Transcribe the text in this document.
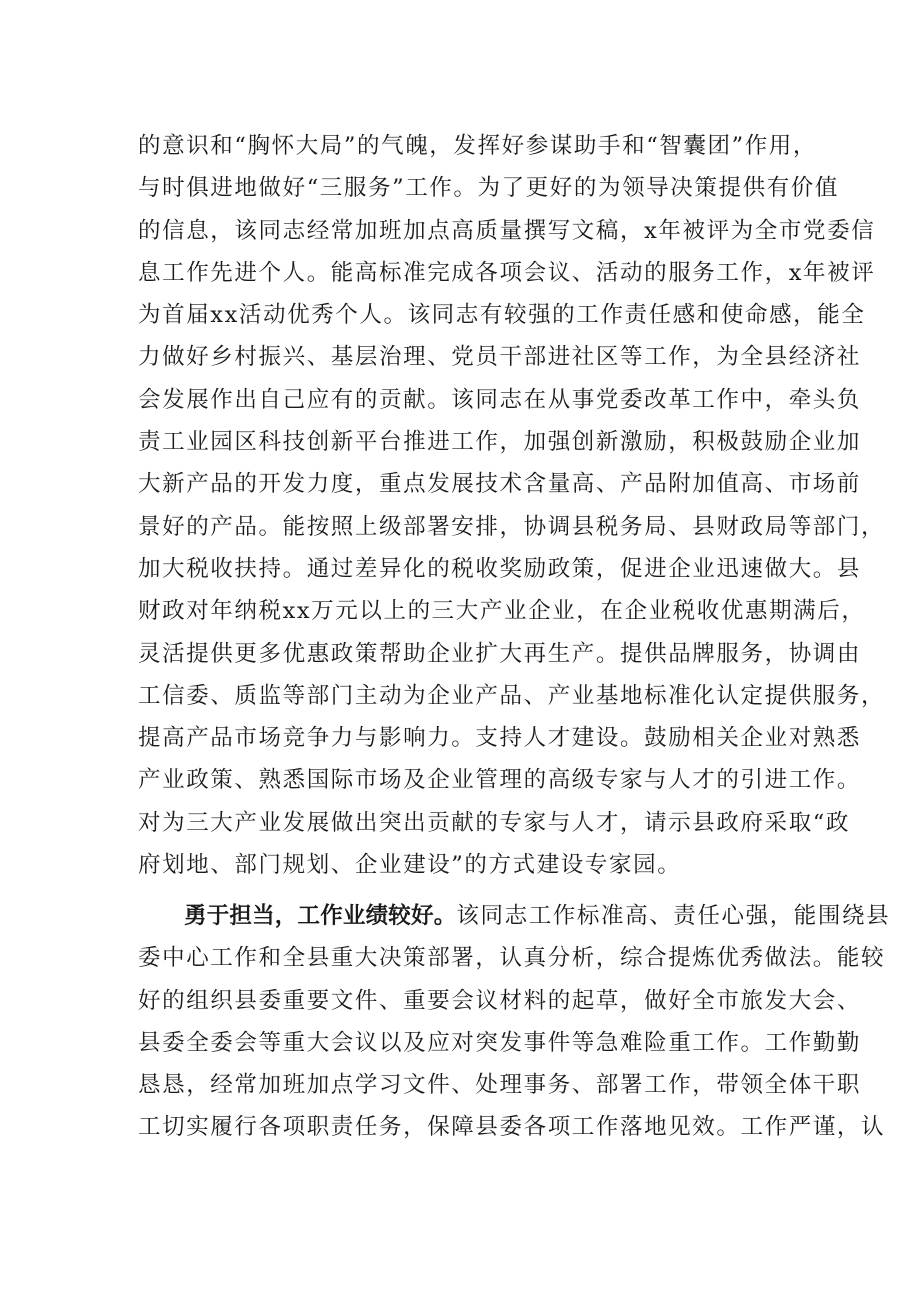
的意识和“胸怀大局”的气魄，发挥好参谋助手和“智囊团”作用，
与时俱进地做好“三服务”工作。为了更好的为领导决策提供有价值
的信息，该同志经常加班加点高质量撰写文稿，x年被评为全市党委信
息工作先进个人。能高标准完成各项会议、活动的服务工作，x年被评
为首届xx活动优秀个人。该同志有较强的工作责任感和使命感，能全
力做好乡村振兴、基层治理、党员干部进社区等工作，为全县经济社
会发展作出自己应有的贡献。该同志在从事党委改革工作中，牵头负
责工业园区科技创新平台推进工作，加强创新激励，积极鼓励企业加
大新产品的开发力度，重点发展技术含量高、产品附加值高、市场前
景好的产品。能按照上级部署安排，协调县税务局、县财政局等部门，
加大税收扶持。通过差异化的税收奖励政策，促进企业迅速做大。县
财政对年纳税xx万元以上的三大产业企业，在企业税收优惠期满后，
灵活提供更多优惠政策帮助企业扩大再生产。提供品牌服务，协调由
工信委、质监等部门主动为企业产品、产业基地标准化认定提供服务，
提高产品市场竞争力与影响力。支持人才建设。鼓励相关企业对熟悉
产业政策、熟悉国际市场及企业管理的高级专家与人才的引进工作。
对为三大产业发展做出突出贡献的专家与人才，请示县政府采取“政
府划地、部门规划、企业建设”的方式建设专家园。
勇于担当，工作业绩较好。该同志工作标准高、责任心强，能围绕县
委中心工作和全县重大决策部署，认真分析，综合提炼优秀做法。能较
好的组织县委重要文件、重要会议材料的起草，做好全市旅发大会、
县委全委会等重大会议以及应对突发事件等急难险重工作。工作勤勤
恳恳，经常加班加点学习文件、处理事务、部署工作，带领全体干职
工切实履行各项职责任务，保障县委各项工作落地见效。工作严谨，认
